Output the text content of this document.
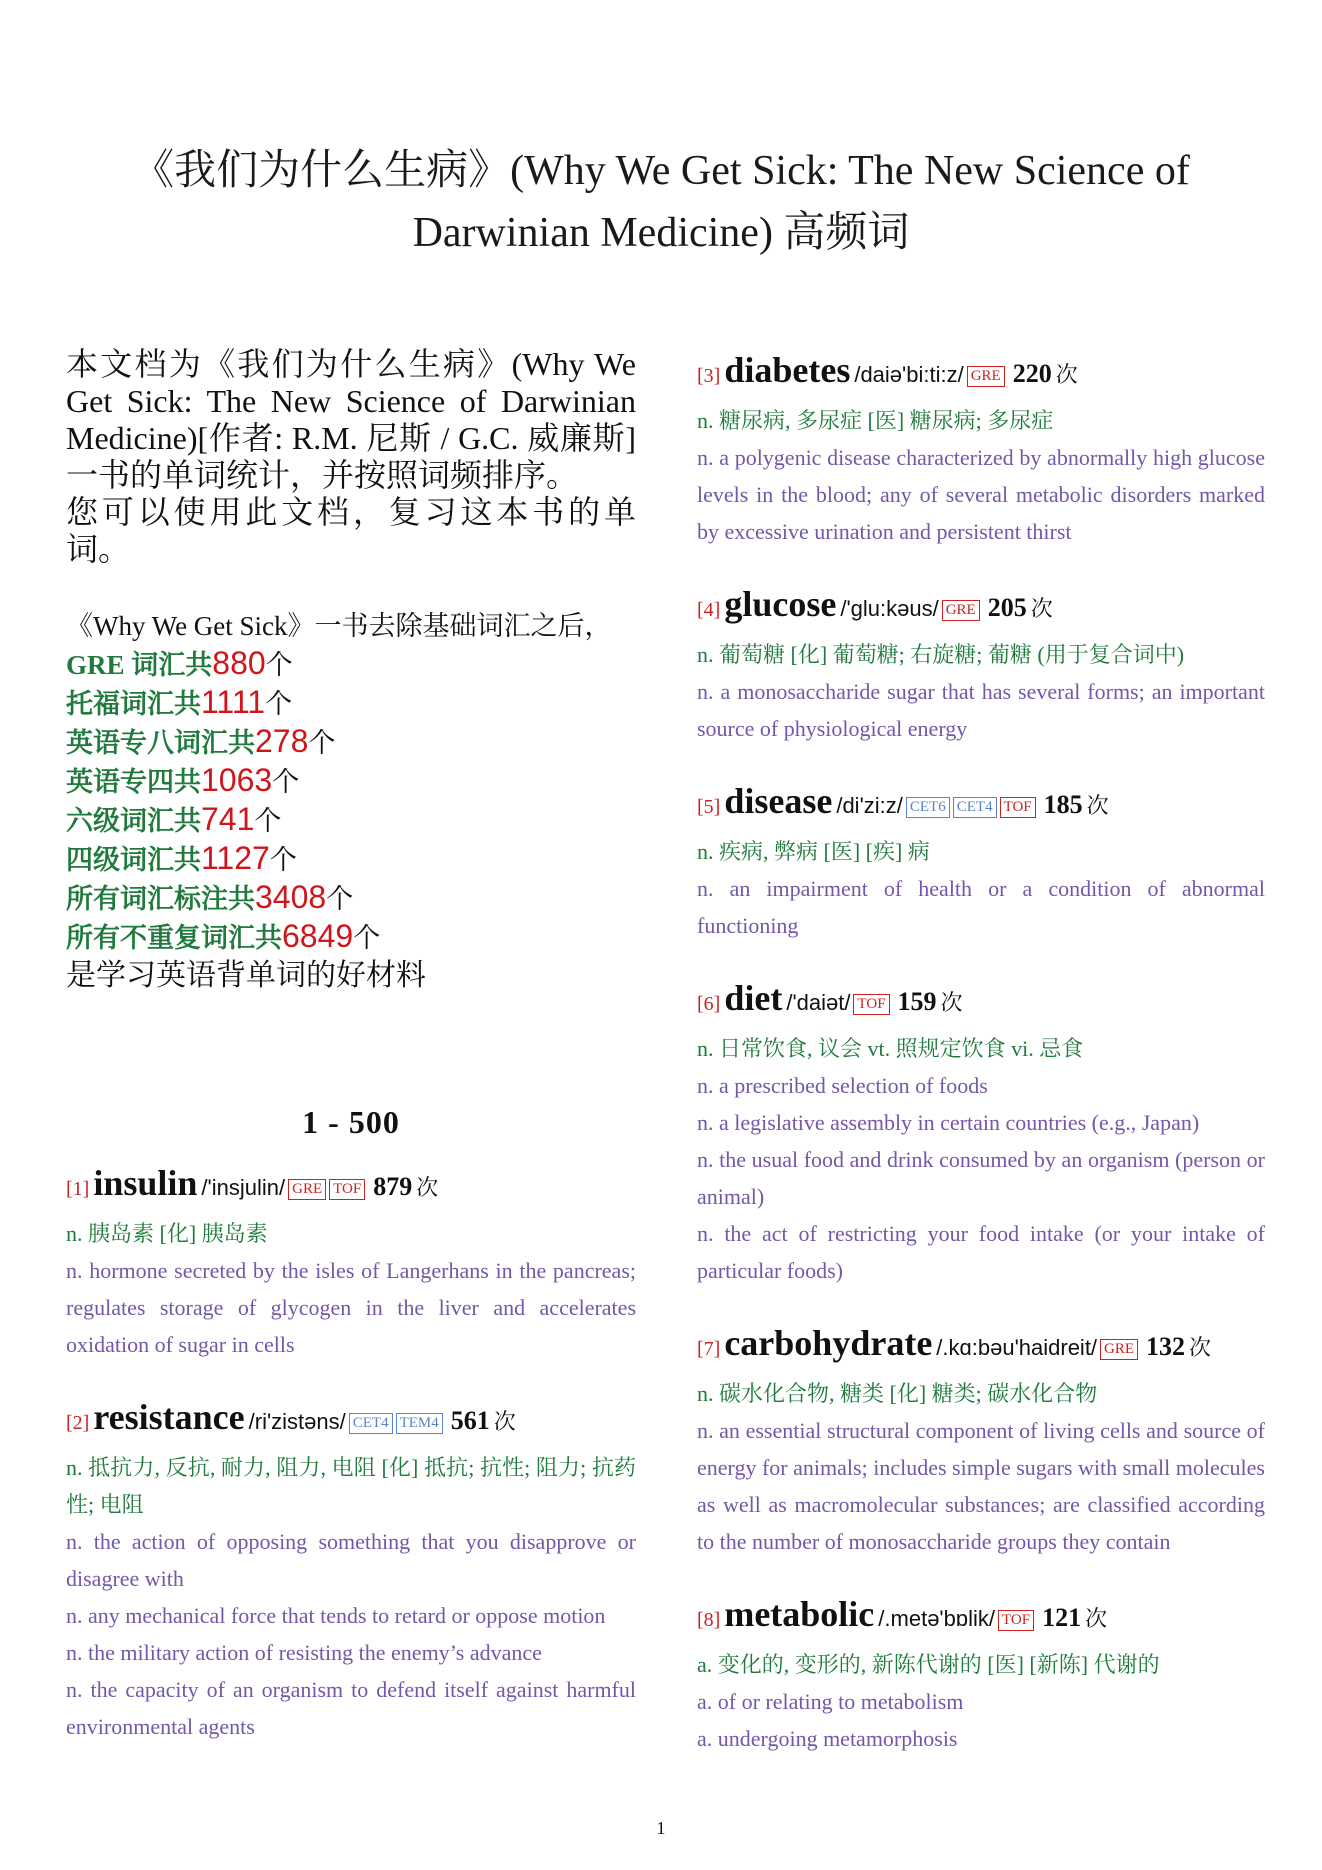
《我们为什么生病》(Why We Get Sick: The New Science of
Darwinian Medicine) 高频词

本文档为《我们为什么生病》(Why We Get Sick: The New Science of Darwinian Medicine)[作者: R.M. 尼斯 / G.C. 威廉斯] 一书的单词统计，并按照词频排序。

您可以使用此文档，复习这本书的单词。

《Why We Get Sick》一书去除基础词汇之后，
GRE 词汇共880个
托福词汇共1111个
英语专八词汇共278个
英语专四共1063个
六级词汇共741个
四级词汇共1127个
所有词汇标注共3408个
所有不重复词汇共6849个
是学习英语背单词的好材料
1 - 500
[1] insulin /'insjulin/ GRE TOF 879 次

n. 胰岛素 [化] 胰岛素

n. hormone secreted by the isles of Langerhans in the pancreas; regulates storage of glycogen in the liver and accelerates oxidation of sugar in cells

[2] resistance /ri'zistəns/ CET4 TEM4 561 次

n. 抵抗力, 反抗, 耐力, 阻力, 电阻 [化] 抵抗; 抗性; 阻力; 抗药性; 电阻

n. the action of opposing something that you disapprove or disagree with

n. any mechanical force that tends to retard or oppose motion

n. the military action of resisting the enemy’s advance

n. the capacity of an organism to defend itself against harmful environmental agents

[3] diabetes /daiə'bi:ti:z/ GRE 220 次

n. 糖尿病, 多尿症 [医] 糖尿病; 多尿症

n. a polygenic disease characterized by abnormally high glucose levels in the blood; any of several metabolic disorders marked by excessive urination and persistent thirst

[4] glucose /'glu:kəus/ GRE 205 次

n. 葡萄糖 [化] 葡萄糖; 右旋糖; 葡糖 (用于复合词中)

n. a monosaccharide sugar that has several forms; an important source of physiological energy

[5] disease /di'zi:z/ CET6 CET4 TOF 185 次

n. 疾病, 弊病 [医] [疾] 病

n. an impairment of health or a condition of abnormal functioning

[6] diet /'daiət/ TOF 159 次

n. 日常饮食, 议会 vt. 照规定饮食 vi. 忌食

n. a prescribed selection of foods

n. a legislative assembly in certain countries (e.g., Japan)

n. the usual food and drink consumed by an organism (person or animal)

n. the act of restricting your food intake (or your intake of particular foods)

[7] carbohydrate /.kɑ:bəu'haidreit/ GRE 132 次

n. 碳水化合物, 糖类 [化] 糖类; 碳水化合物

n. an essential structural component of living cells and source of energy for animals; includes simple sugars with small molecules as well as macromolecular substances; are classified according to the number of monosaccharide groups they contain

[8] metabolic /.metə'bɒlik/ TOF 121 次

a. 变化的, 变形的, 新陈代谢的 [医] [新陈] 代谢的

a. of or relating to metabolism

a. undergoing metamorphosis

1
